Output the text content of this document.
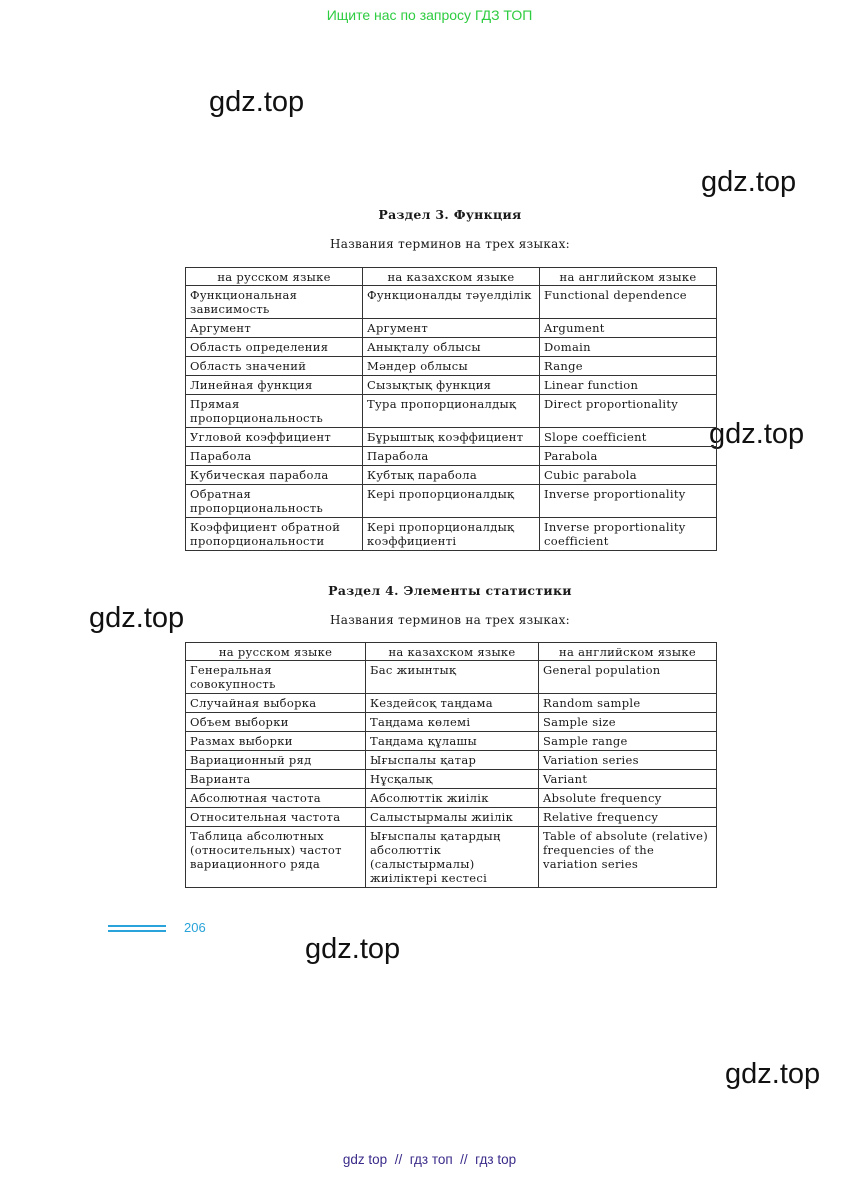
Ищите нас по запросу ГДЗ ТОП
gdz.top
gdz.top
gdz.top
gdz.top
gdz.top
gdz.top
Раздел 3. Функция
Названия терминов на трех языках:
на русском языке	на казахском языке	на английском языке
Функциональная зависимость	Функционалды тәуелділік	Functional dependence
Аргумент	Аргумент	Argument
Область определения	Анықталу облысы	Domain
Область значений	Мәндер облысы	Range
Линейная функция	Сызықтық функция	Linear function
Прямая пропорциональность	Тура пропорционалдық	Direct proportionality
Угловой коэффициент	Бұрыштық коэффициент	Slope coefficient
Парабола	Парабола	Parabola
Кубическая парабола	Кубтық парабола	Cubic parabola
Обратная пропорциональность	Кері пропорционалдық	Inverse proportionality
Коэффициент обратной пропорциональности	Кері пропорционалдық коэффициенті	Inverse proportionality coefficient
Раздел 4. Элементы статистики
Названия терминов на трех языках:
на русском языке	на казахском языке	на английском языке
Генеральная совокупность	Бас жиынтық	General population
Случайная выборка	Кездейсоқ таңдама	Random sample
Объем выборки	Таңдама көлемі	Sample size
Размах выборки	Таңдама құлашы	Sample range
Вариационный ряд	Ығыспалы қатар	Variation series
Варианта	Нұсқалық	Variant
Абсолютная частота	Абсолюттік жиілік	Absolute frequency
Относительная частота	Салыстырмалы жиілік	Relative frequency
Таблица абсолютных (относительных) частот вариационного ряда	Ығыспалы қатардың абсолюттік (салыстырмалы) жиіліктері кестесі	Table of absolute (relative) frequencies of the variation series
206
gdz top  //  гдз топ  //  гдз top
